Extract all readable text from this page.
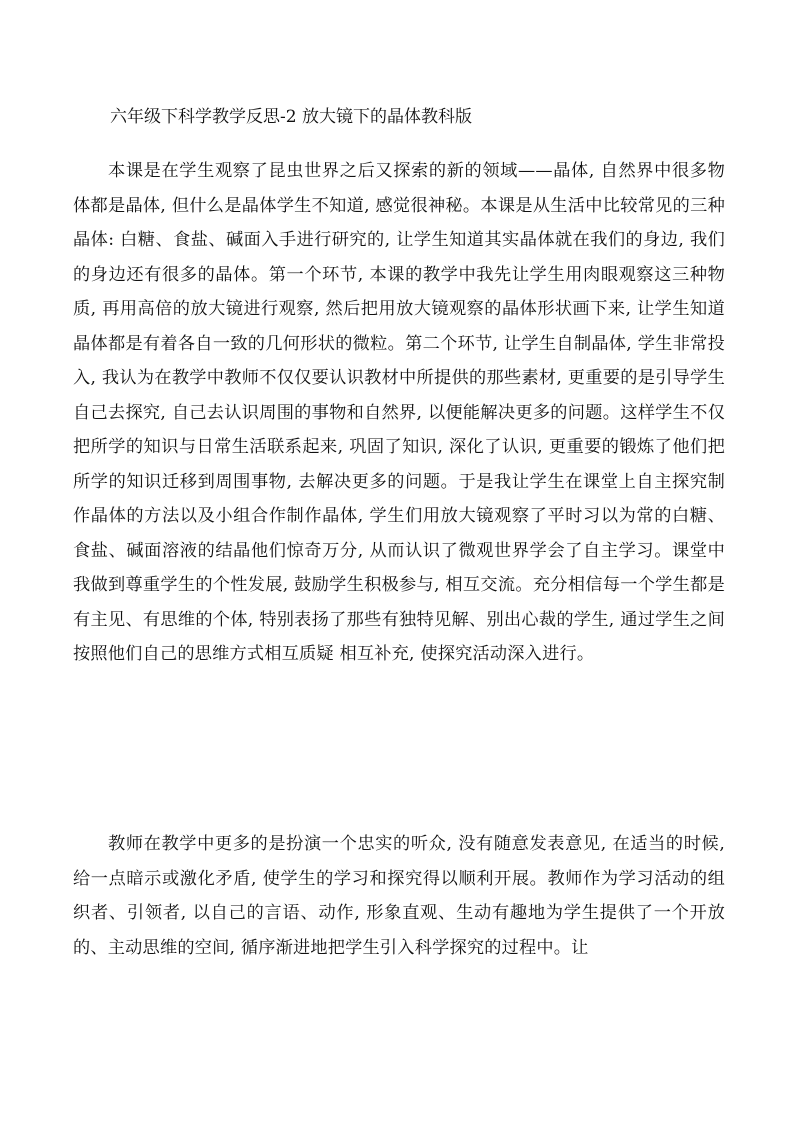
六年级下科学教学反思-2 放大镜下的晶体教科版

本课是在学生观察了昆虫世界之后又探索的新的领域——晶体, 自然界中很多物体都是晶体, 但什么是晶体学生不知道, 感觉很神秘。本课是从生活中比较常见的三种晶体: 白糖、食盐、碱面入手进行研究的, 让学生知道其实晶体就在我们的身边, 我们的身边还有很多的晶体。第一个环节, 本课的教学中我先让学生用肉眼观察这三种物质, 再用高倍的放大镜进行观察, 然后把用放大镜观察的晶体形状画下来, 让学生知道晶体都是有着各自一致的几何形状的微粒。第二个环节, 让学生自制晶体, 学生非常投入, 我认为在教学中教师不仅仅要认识教材中所提供的那些素材, 更重要的是引导学生自己去探究, 自己去认识周围的事物和自然界, 以便能解决更多的问题。这样学生不仅把所学的知识与日常生活联系起来, 巩固了知识, 深化了认识, 更重要的锻炼了他们把所学的知识迁移到周围事物, 去解决更多的问题。于是我让学生在课堂上自主探究制作晶体的方法以及小组合作制作晶体, 学生们用放大镜观察了平时习以为常的白糖、食盐、碱面溶液的结晶他们惊奇万分, 从而认识了微观世界学会了自主学习。课堂中我做到尊重学生的个性发展, 鼓励学生积极参与, 相互交流。充分相信每一个学生都是有主见、有思维的个体, 特别表扬了那些有独特见解、别出心裁的学生, 通过学生之间按照他们自己的思维方式相互质疑 相互补充, 使探究活动深入进行。

教师在教学中更多的是扮演一个忠实的听众, 没有随意发表意见, 在适当的时候, 给一点暗示或激化矛盾, 使学生的学习和探究得以顺利开展。教师作为学习活动的组织者、引领者, 以自己的言语、动作, 形象直观、生动有趣地为学生提供了一个开放的、主动思维的空间, 循序渐进地把学生引入科学探究的过程中。让
